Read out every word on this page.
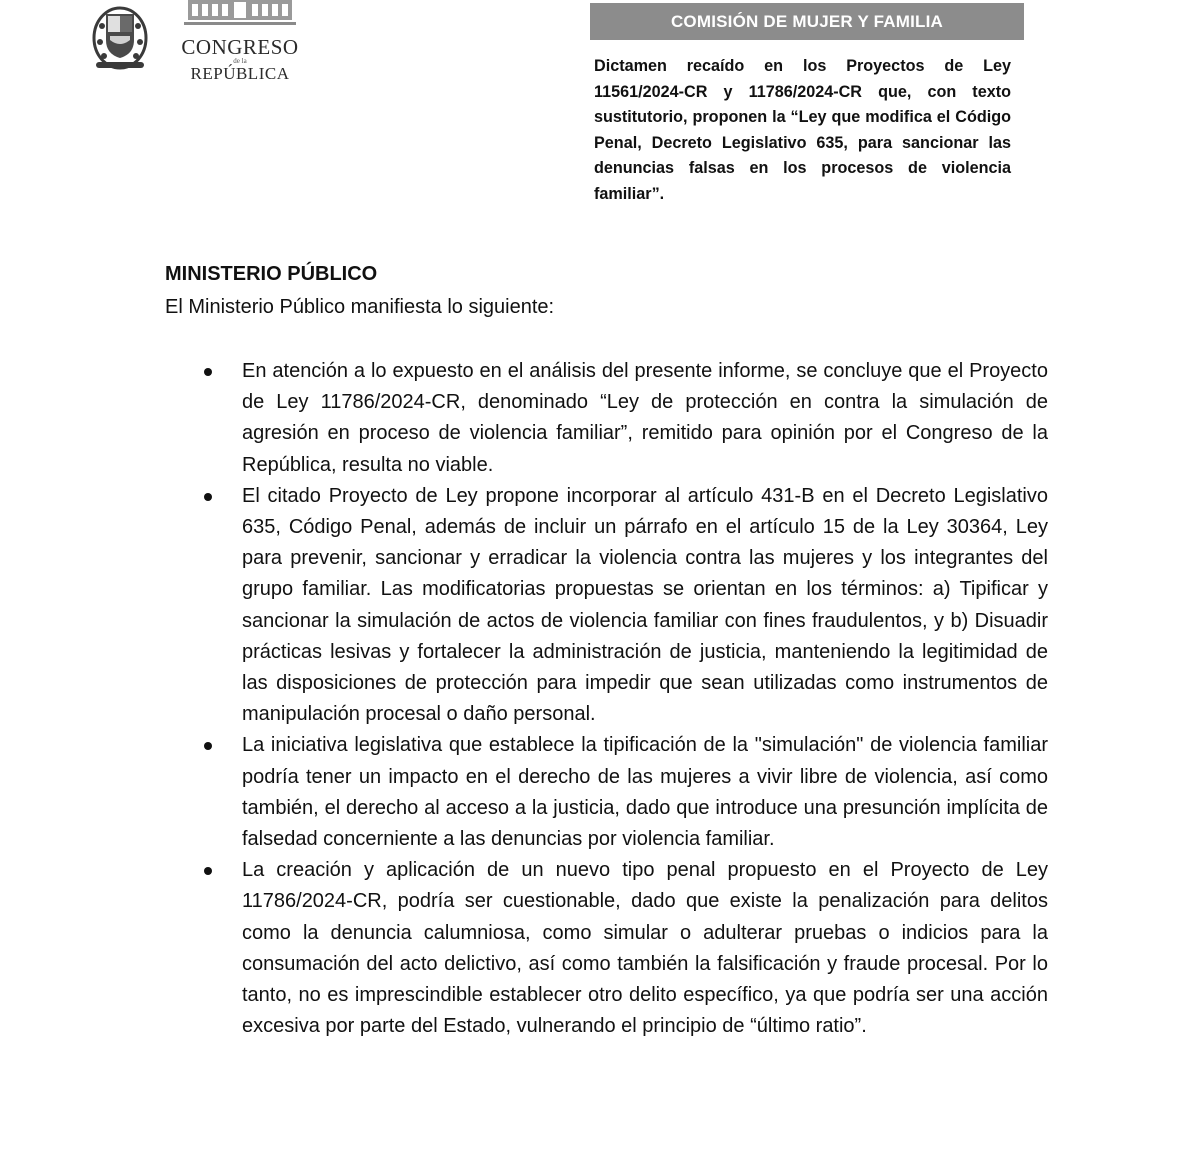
CONGRESO
de la
REPÚBLICA
COMISIÓN DE MUJER Y FAMILIA
Dictamen recaído en los Proyectos de Ley 11561/2024-CR y 11786/2024-CR que, con texto sustitutorio, proponen la “Ley que modifica el Código Penal, Decreto Legislativo 635, para sancionar las denuncias falsas en los procesos de violencia familiar”.
MINISTERIO PÚBLICO
El Ministerio Público manifiesta lo siguiente:
En atención a lo expuesto en el análisis del presente informe, se concluye que el Proyecto de Ley 11786/2024-CR, denominado “Ley de protección en contra la simulación de agresión en proceso de violencia familiar”, remitido para opinión por el Congreso de la República, resulta no viable.
El citado Proyecto de Ley propone incorporar al artículo 431-B en el Decreto Legislativo 635, Código Penal, además de incluir un párrafo en el artículo 15 de la Ley 30364, Ley para prevenir, sancionar y erradicar la violencia contra las mujeres y los integrantes del grupo familiar. Las modificatorias propuestas se orientan en los términos: a) Tipificar y sancionar la simulación de actos de violencia familiar con fines fraudulentos, y b) Disuadir prácticas lesivas y fortalecer la administración de justicia, manteniendo la legitimidad de las disposiciones de protección para impedir que sean utilizadas como instrumentos de manipulación procesal o daño personal.
La iniciativa legislativa que establece la tipificación de la "simulación" de violencia familiar podría tener un impacto en el derecho de las mujeres a vivir libre de violencia, así como también, el derecho al acceso a la justicia, dado que introduce una presunción implícita de falsedad concerniente a las denuncias por violencia familiar.
La creación y aplicación de un nuevo tipo penal propuesto en el Proyecto de Ley 11786/2024-CR, podría ser cuestionable, dado que existe la penalización para delitos como la denuncia calumniosa, como simular o adulterar pruebas o indicios para la consumación del acto delictivo, así como también la falsificación y fraude procesal. Por lo tanto, no es imprescindible establecer otro delito específico, ya que podría ser una acción excesiva por parte del Estado, vulnerando el principio de “último ratio”.
